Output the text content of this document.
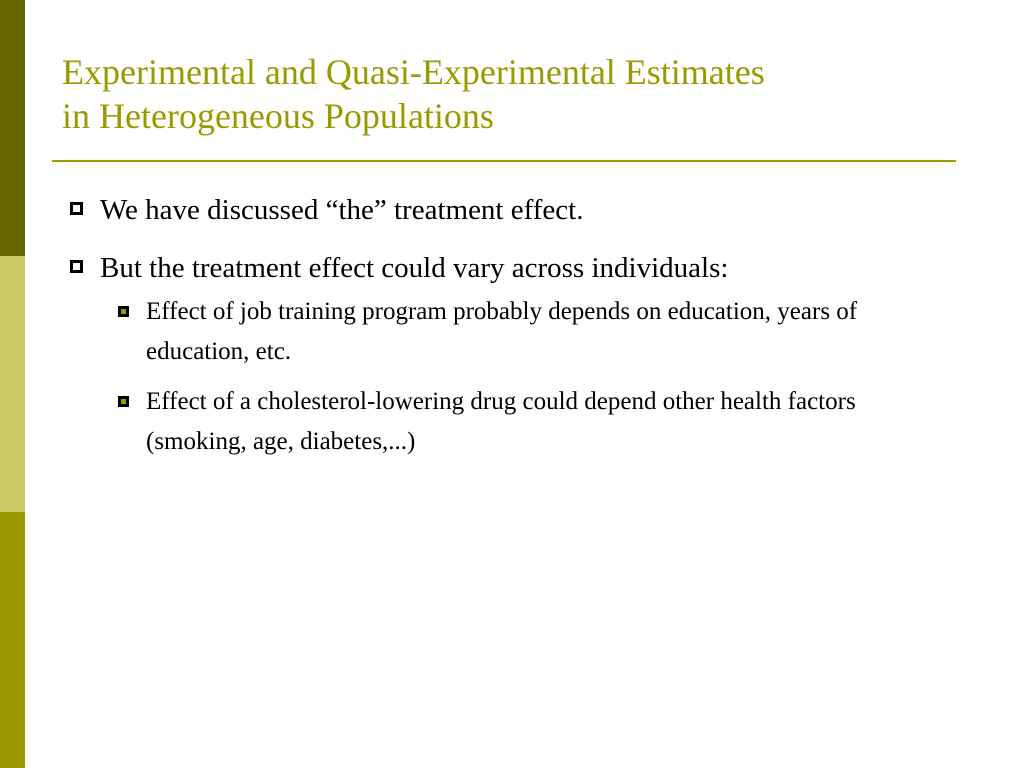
Experimental and Quasi-Experimental Estimates
in Heterogeneous Populations
We have discussed “the” treatment effect.
But the treatment effect could vary across individuals:
Effect of job training program probably depends on education, years of education, etc.
Effect of a cholesterol-lowering drug could depend other health factors (smoking, age, diabetes,...)
